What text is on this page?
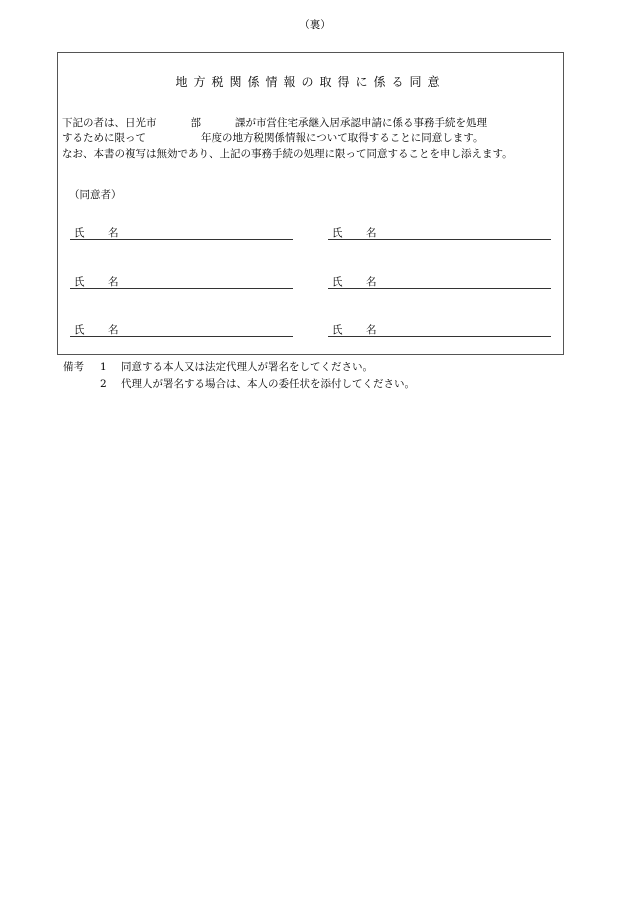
（裏）
地方税関係情報の取得に係る同意
下記の者は、日光市	部	課が市営住宅承継入居承認申請に係る事務手続を処理
するために限って	年度の地方税関係情報について取得することに同意します。
なお、本書の複写は無効であり、上記の事務手続の処理に限って同意することを申し添えます。
（同意者）
氏 名	氏 名
氏 名	氏 名
氏 名	氏 名
備考 1 同意する本人又は法定代理人が署名をしてください。
2 代理人が署名する場合は、本人の委任状を添付してください。
